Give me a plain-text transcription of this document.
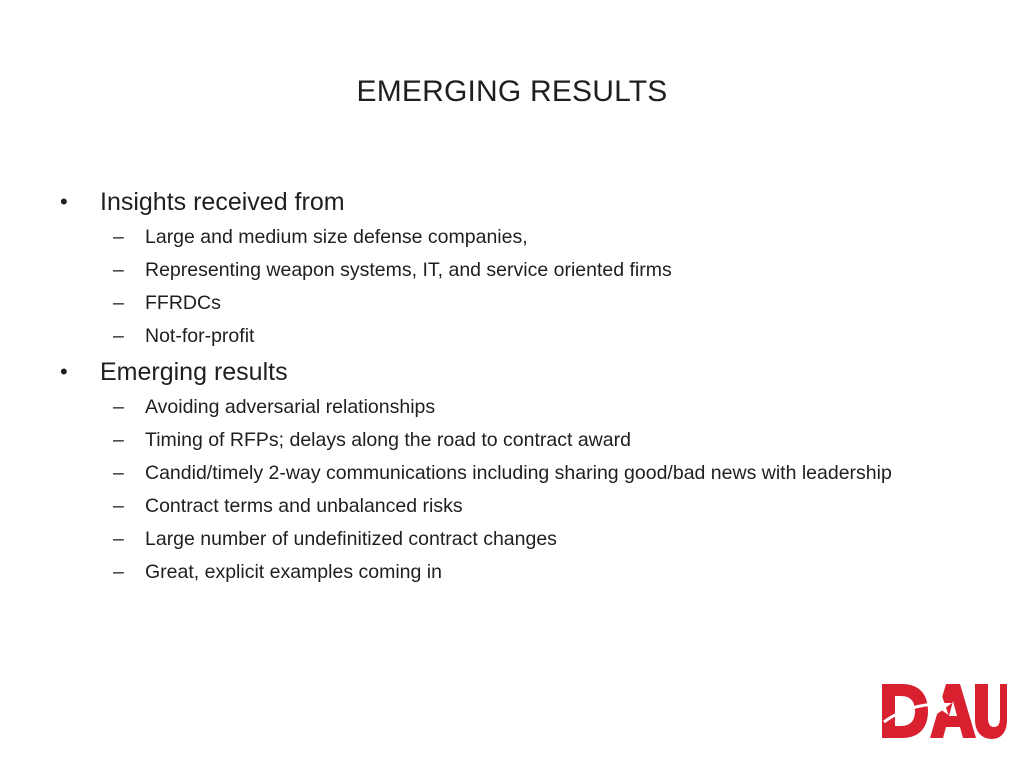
EMERGING RESULTS
• Insights received from
– Large and medium size defense companies,
– Representing weapon systems, IT, and service oriented firms
– FFRDCs
– Not-for-profit
• Emerging results
– Avoiding adversarial relationships
– Timing of RFPs; delays along the road to contract award
– Candid/timely 2-way communications including sharing good/bad news with leadership
– Contract terms and unbalanced risks
– Large number of undefinitized contract changes
– Great, explicit examples coming in
